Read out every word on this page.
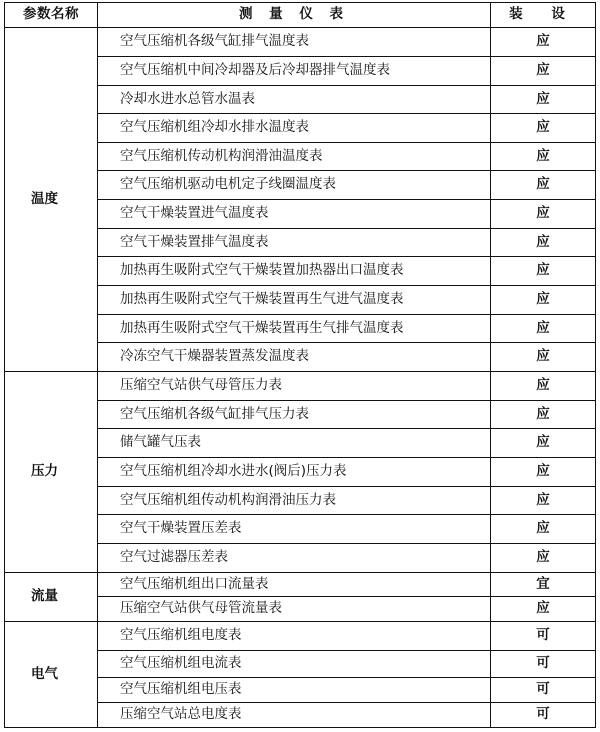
参数名称	测 量 仪 表	装 设
温度	空气压缩机各级气缸排气温度表	应
	空气压缩机中间冷却器及后冷却器排气温度表	应
	冷却水进水总管水温表	应
	空气压缩机组冷却水排水温度表	应
	空气压缩机传动机构润滑油温度表	应
	空气压缩机驱动电机定子线圈温度表	应
	空气干燥装置进气温度表	应
	空气干燥装置排气温度表	应
	加热再生吸附式空气干燥装置加热器出口温度表	应
	加热再生吸附式空气干燥装置再生气进气温度表	应
	加热再生吸附式空气干燥装置再生气排气温度表	应
	冷冻空气干燥器装置蒸发温度表	应
压力	压缩空气站供气母管压力表	应
	空气压缩机各级气缸排气压力表	应
	储气罐气压表	应
	空气压缩机组冷却水进水(阀后)压力表	应
	空气压缩机组传动机构润滑油压力表	应
	空气干燥装置压差表	应
	空气过滤器压差表	应
流量	空气压缩机组出口流量表	宜
	压缩空气站供气母管流量表	应
电气	空气压缩机组电度表	可
	空气压缩机组电流表	可
	空气压缩机组电压表	可
	压缩空气站总电度表	可
